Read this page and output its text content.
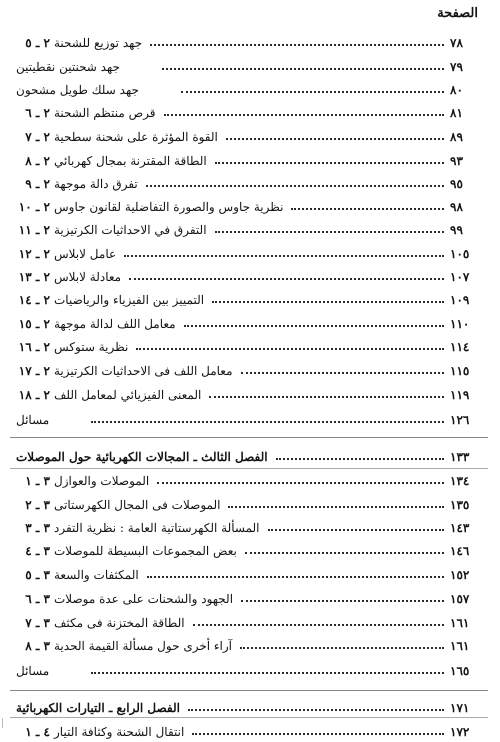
الصفحة
٢ ـ ٥ جهد توزيع للشحنة	٧٨
جهد شحنتين نقطيتين	٧٩
جهد سلك طويل مشحون	٨٠
٢ ـ ٦ قرص منتظم الشحنة	٨١
٢ ـ ٧ القوة المؤثرة على شحنة سطحية	٨٩
٢ ـ ٨ الطاقة المقترنة بمجال كهربائي	٩٣
٢ ـ ٩ تفرق دالة موجهة	٩٥
٢ ـ ١٠ نظرية جاوس والصورة التفاضلية لقانون جاوس	٩٨
٢ ـ ١١ التفرق في الاحداثيات الكرتيزية	٩٩
٢ ـ ١٢ عامل لابلاس	١٠٥
٢ ـ ١٣ معادلة لابلاس	١٠٧
٢ ـ ١٤ التمييز بين الفيزياء والرياضيات	١٠٩
٢ ـ ١٥ معامل اللف لدالة موجهة	١١٠
٢ ـ ١٦ نظرية ستوكس	١١٤
٢ ـ ١٧ معامل اللف فى الاحداثيات الكرتيزية	١١٥
٢ ـ ١٨ المعنى الفيزيائي لمعامل اللف	١١٩
مسائل	١٢٦
الفصل الثالث ـ المجالات الكهربائية حول الموصلات	١٣٣
٣ ـ ١ الموصلات والعوازل	١٣٤
٣ ـ ٢ الموصلات فى المجال الكهرستاتى	١٣٥
٣ ـ ٣ المسألة الكهرستاتية العامة : نظرية التفرد	١٤٣
٣ ـ ٤ بعض المجموعات البسيطة للموصلات	١٤٦
٣ ـ ٥ المكثفات والسعة	١٥٢
٣ ـ ٦ الجهود والشحنات على عدة موصلات	١٥٧
٣ ـ ٧ الطاقة المختزنة فى مكثف	١٦١
٣ ـ ٨ آراء أخرى حول مسألة القيمة الحدية	١٦١
مسائل	١٦٥
الفصل الرابع ـ التيارات الكهربائية	١٧١
٤ ـ ١ انتقال الشحنة وكثافة التيار	١٧٢
